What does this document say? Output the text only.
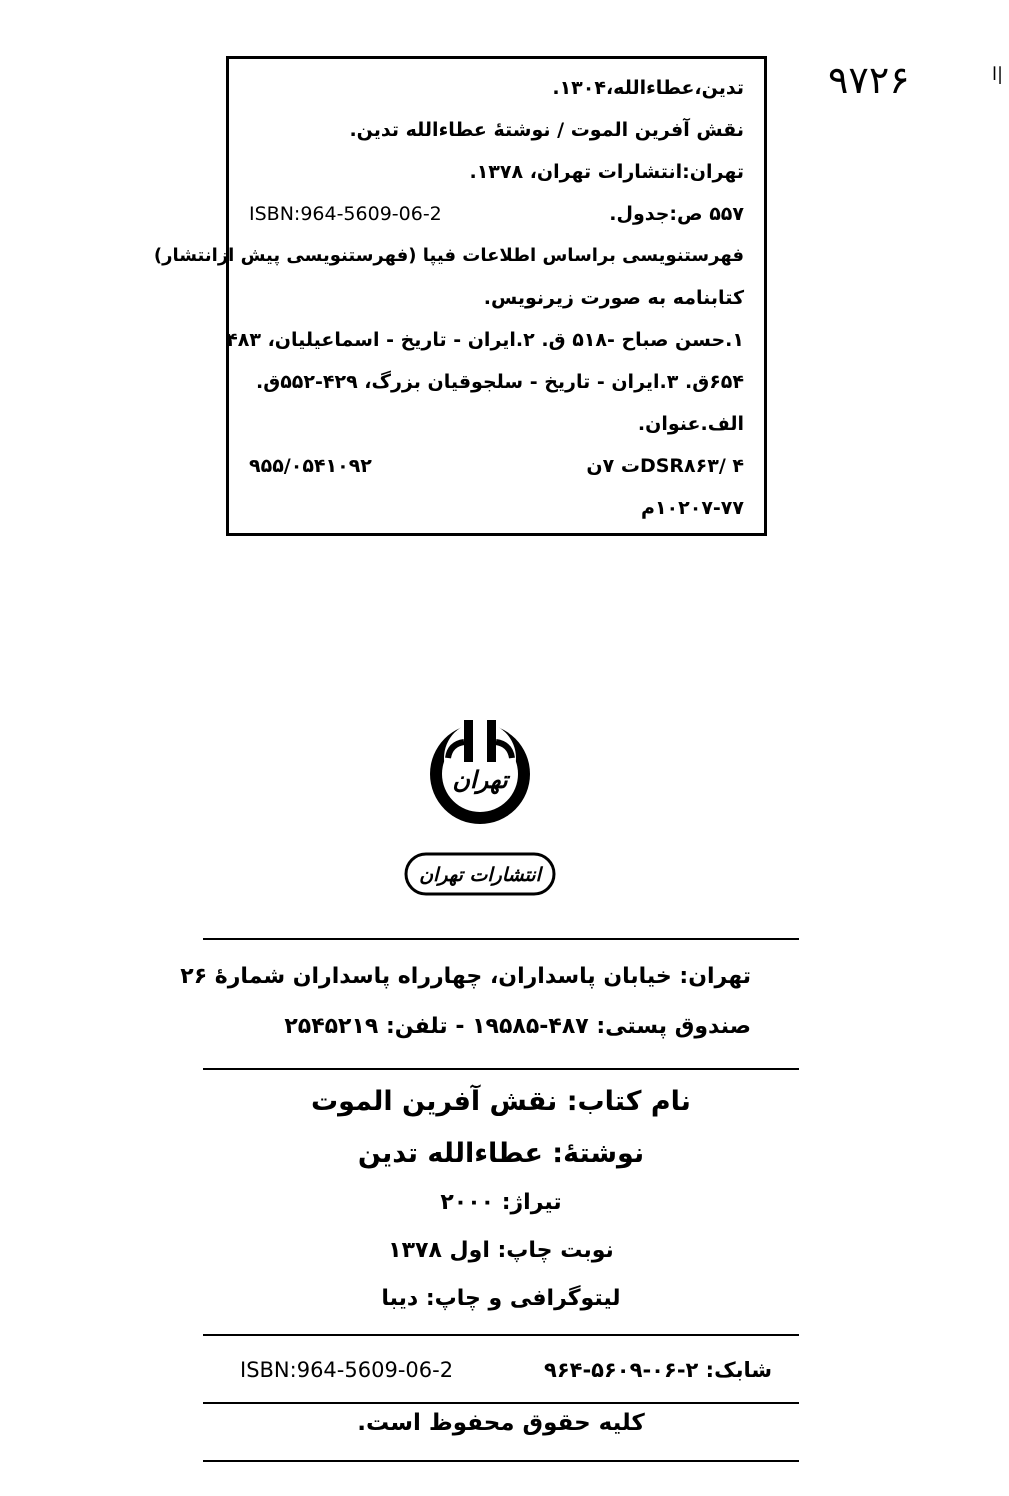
٩٧٢۶	ا|
تدین،عطاءالله،۱۳۰۴.
نقش آفرین الموت / نوشتهٔ عطاءالله تدین.
تهران:انتشارات تهران، ۱۳۷۸.
۵۵۷ ص:جدول.
ISBN:964-5609-06-2
فهرستنویسی براساس اطلاعات فیپا (فهرستنویسی پیش ازانتشار)
کتابنامه به صورت زیرنویس.
۱.حسن صباح -۵۱۸ ق. ۲.ایران - تاریخ - اسماعیلیان، ۴۸۳
۶۵۴ق. ۳.ایران - تاریخ - سلجوقیان بزرگ، ۴۲۹-۵۵۲ق.
الف.عنوان.
DSR۸۶۳/ ۴ت ۷ن
۹۵۵/۰۵۴۱۰۹۲
۱۰۲۰۷-۷۷م
تهران
انتشارات تهران
تهران: خیابان پاسداران، چهارراه پاسداران شمارهٔ ۲۶
صندوق پستی: ۴۸۷-۱۹۵۸۵ - تلفن: ۲۵۴۵۲۱۹
نام کتاب: نقش آفرین الموت
نوشتهٔ: عطاءالله تدین
تیراژ: ۲۰۰۰
نوبت چاپ: اول ۱۳۷۸
لیتوگرافی و چاپ: دیبا
شابک: ۲-۰۶-۵۶۰۹-۹۶۴
ISBN:964-5609-06-2
کلیه حقوق محفوظ است.
